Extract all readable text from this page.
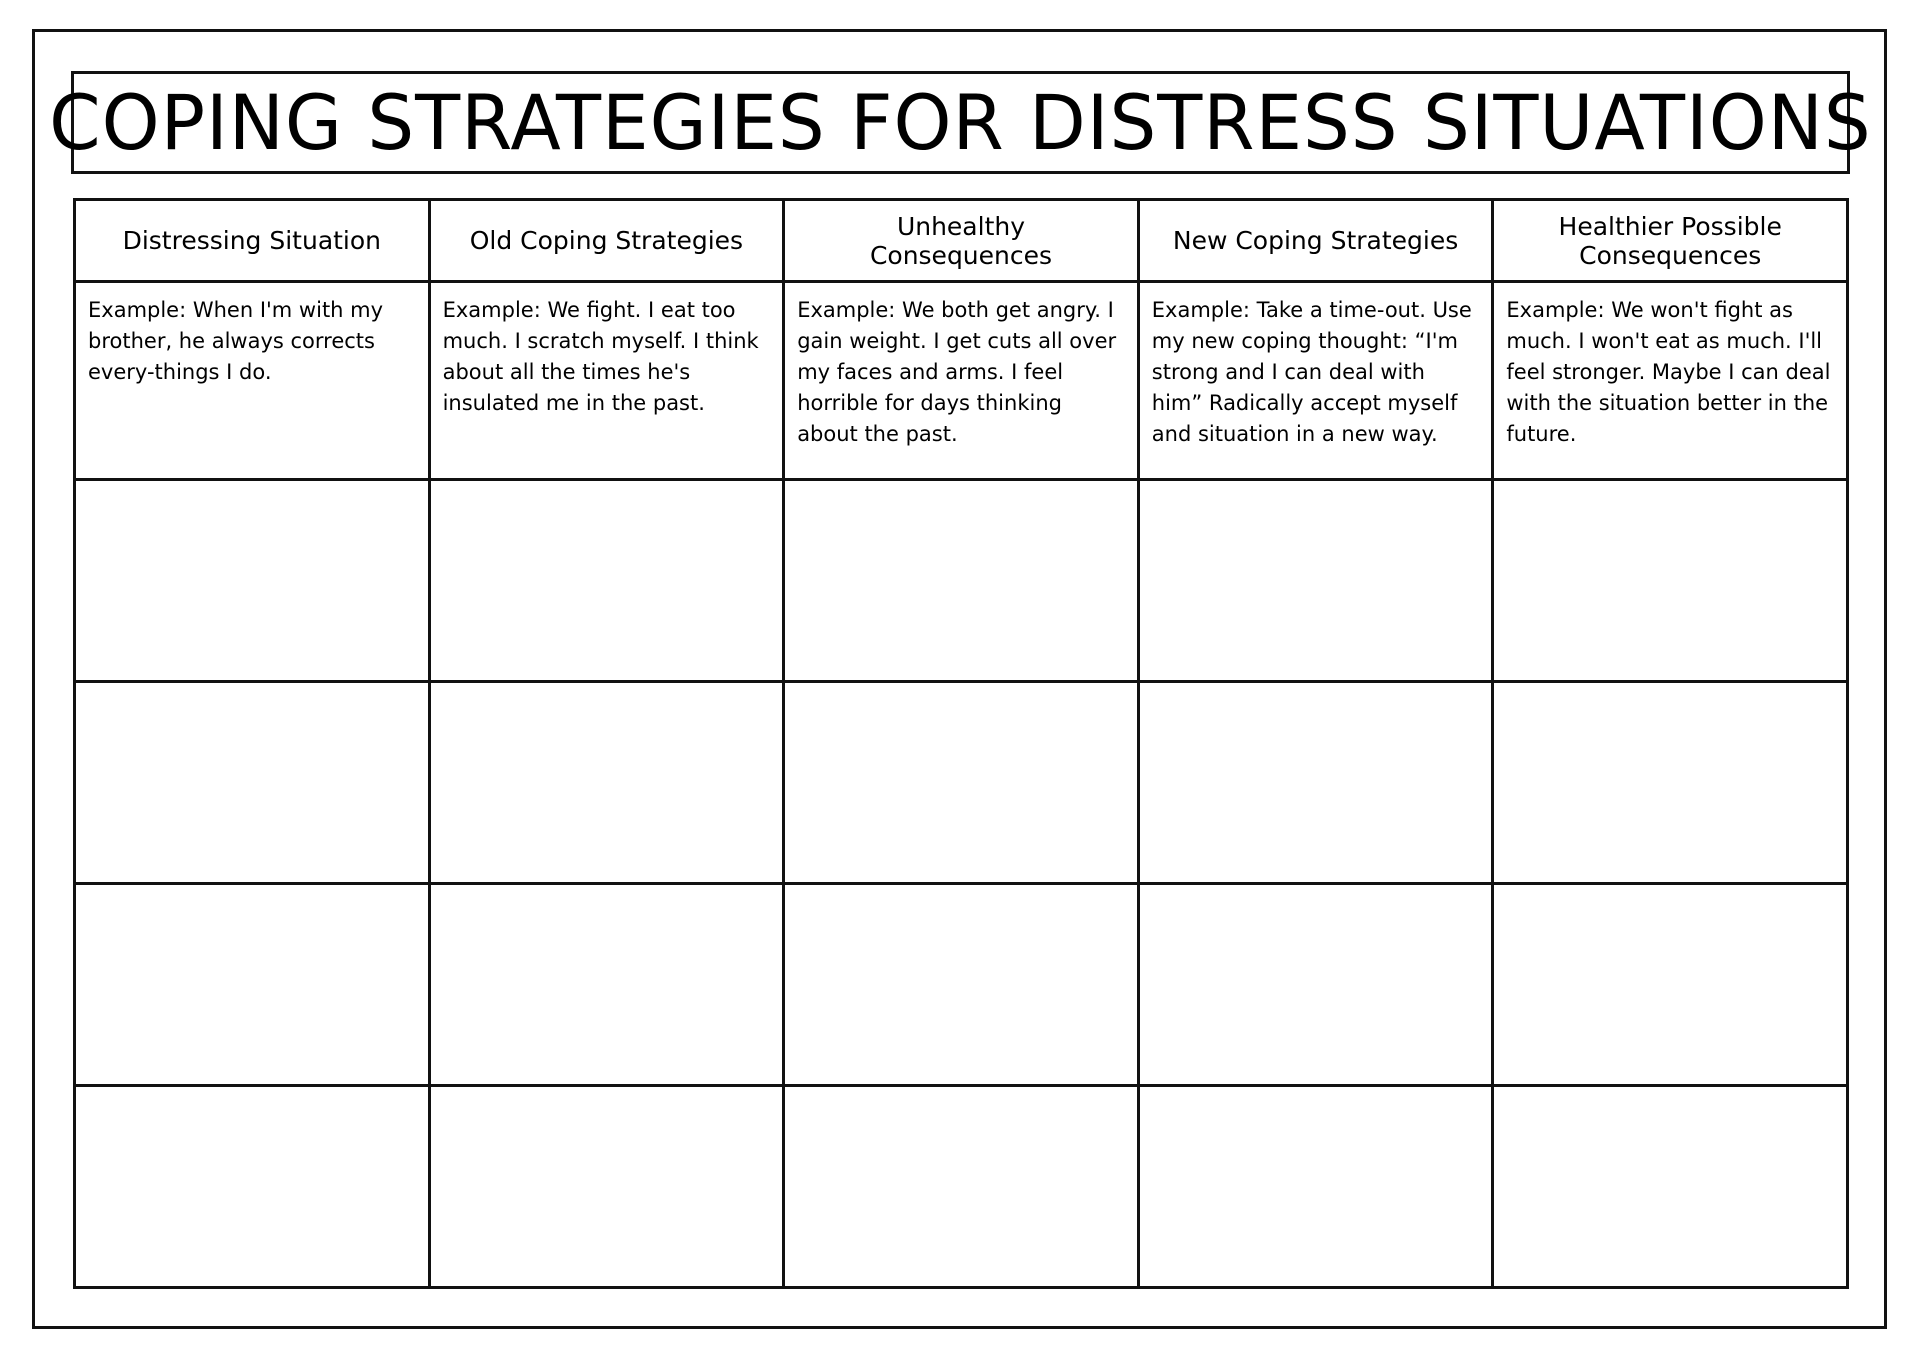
COPING STRATEGIES FOR DISTRESS SITUATIONS
Distressing Situation	Old Coping Strategies	Unhealthy Consequences	New Coping Strategies	Healthier Possible Consequences
Example: When I'm with my brother, he always corrects every-things I do.	Example: We fight. I eat too much. I scratch myself. I think about all the times he's insulated me in the past.	Example: We both get angry. I gain weight. I get cuts all over my faces and arms. I feel horrible for days thinking about the past.	Example: Take a time-out. Use my new coping thought: “I'm strong and I can deal with him” Radically accept myself and situation in a new way.	Example: We won't fight as much. I won't eat as much. I'll feel stronger. Maybe I can deal with the situation better in the future.
